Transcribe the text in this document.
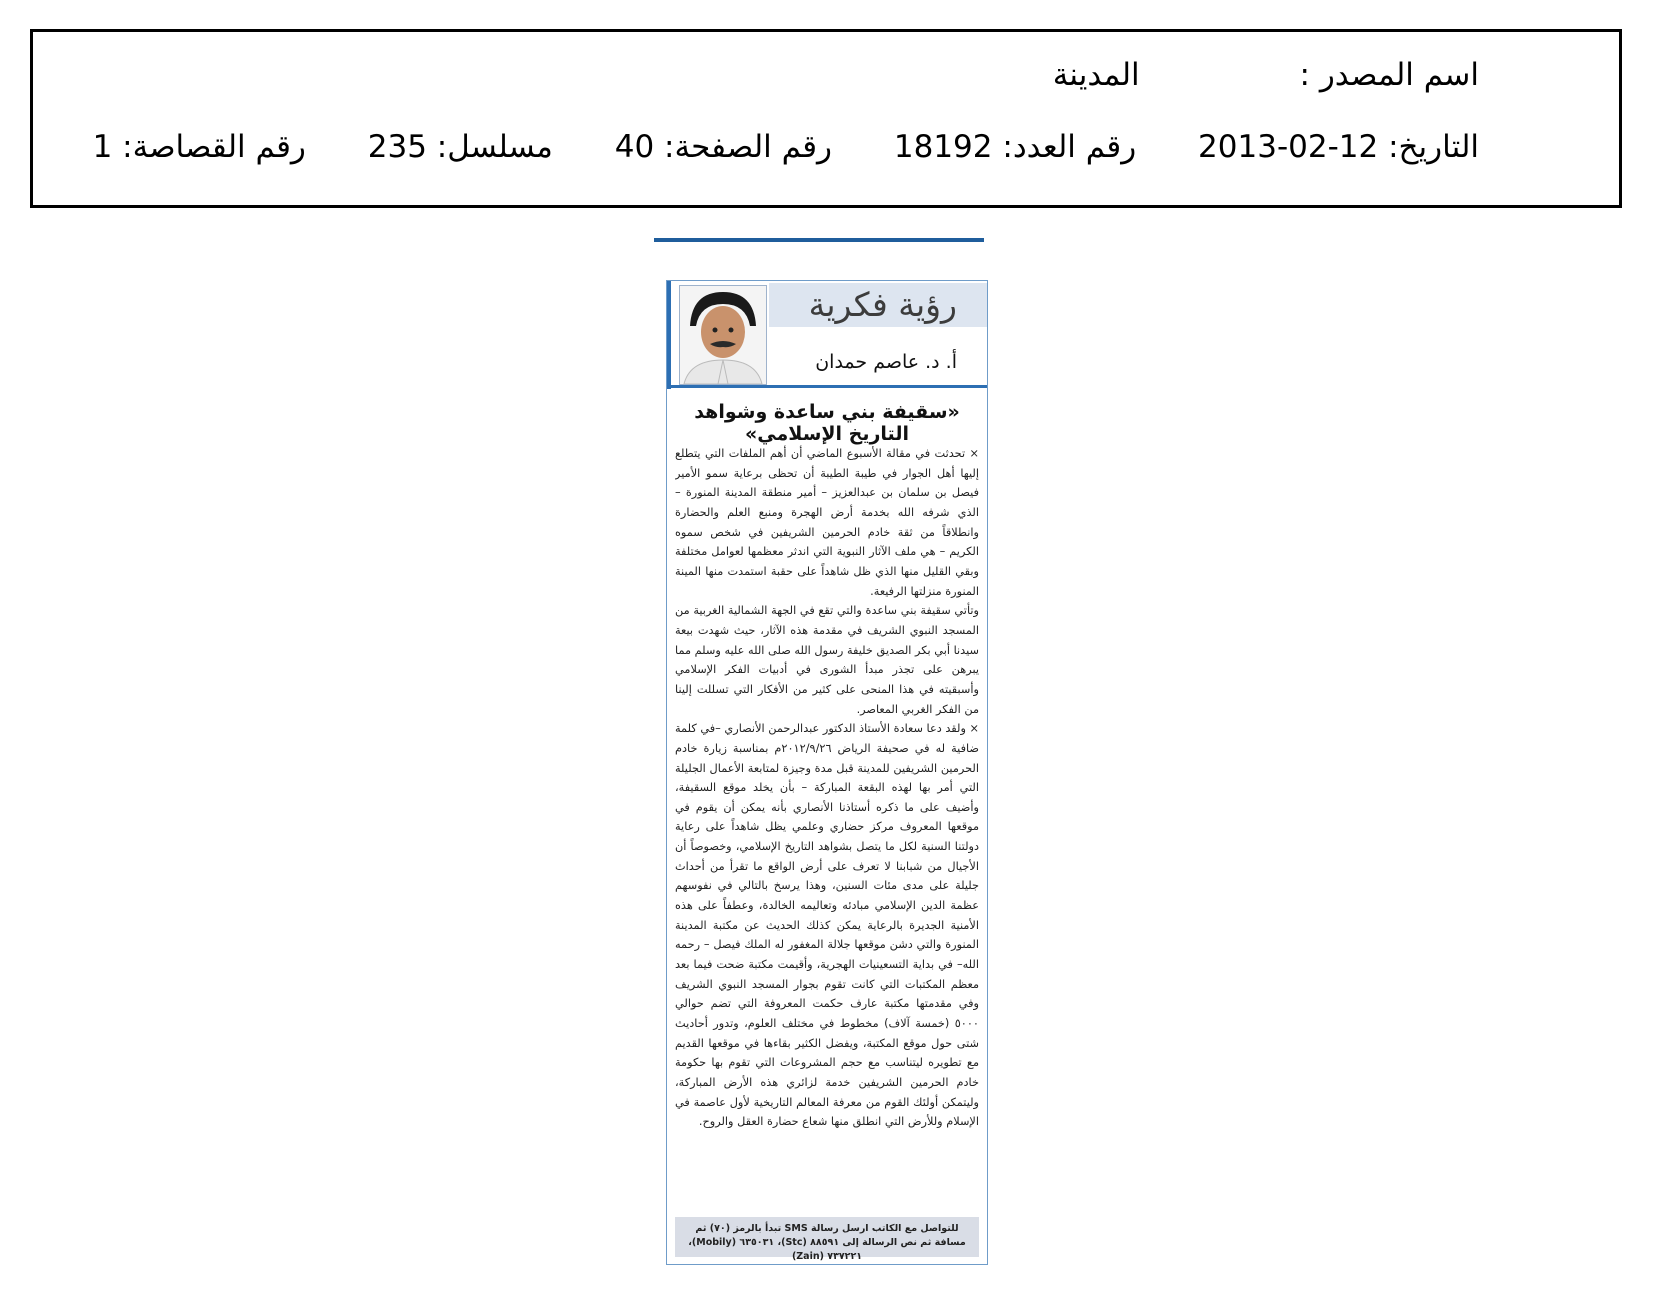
اسم المصدر : المدينة
التاريخ: 12-02-2013 رقم العدد: 18192 رقم الصفحة: 40 مسلسل: 235 رقم القصاصة: 1
رؤية فكرية
أ. د. عاصم حمدان
«سقيفة بني ساعدة وشواهد التاريخ الإسلامي»

× تحدثت في مقالة الأسبوع الماضي أن أهم الملفات التي يتطلع إليها أهل الجوار في طيبة الطيبة أن تحظى برعاية سمو الأمير فيصل بن سلمان بن عبدالعزيز – أمير منطقة المدينة المنورة – الذي شرفه الله بخدمة أرض الهجرة ومنبع العلم والحضارة وانطلاقاً من ثقة خادم الحرمين الشريفين في شخص سموه الكريم – هي ملف الآثار النبوية التي اندثر معظمها لعوامل مختلفة وبقي القليل منها الذي ظل شاهداً على حقبة استمدت منها المينة المنورة منزلتها الرفيعة.

وتأتي سقيفة بني ساعدة والتي تقع في الجهة الشمالية الغربية من المسجد النبوي الشريف في مقدمة هذه الآثار، حيث شهدت بيعة سيدنا أبي بكر الصديق خليفة رسول الله صلى الله عليه وسلم مما يبرهن على تجذر مبدأ الشورى في أدبيات الفكر الإسلامي وأسبقيته في هذا المنحى على كثير من الأفكار التي تسللت إلينا من الفكر الغربي المعاصر.

× ولقد دعا سعادة الأستاذ الدكتور عبدالرحمن الأنصاري –في كلمة ضافية له في صحيفة الرياض ٢٠١٢/٩/٢٦م بمناسبة زيارة خادم الحرمين الشريفين للمدينة قبل مدة وجيزة لمتابعة الأعمال الجليلة التي أمر بها لهذه البقعة المباركة – بأن يخلد موقع السقيفة، وأضيف على ما ذكره أستاذنا الأنصاري بأنه يمكن أن يقوم في موقعها المعروف مركز حضاري وعلمي يظل شاهداً على رعاية دولتنا السنية لكل ما يتصل بشواهد التاريخ الإسلامي، وخصوصاً أن الأجيال من شبابنا لا تعرف على أرض الواقع ما تقرأ من أحداث جليلة على مدى مئات السنين، وهذا يرسخ بالتالي في نفوسهم عظمة الدين الإسلامي مبادئه وتعاليمه الخالدة، وعطفاً على هذه الأمنية الجديرة بالرعاية يمكن كذلك الحديث عن مكتبة المدينة المنورة والتي دشن موقعها جلالة المغفور له الملك فيصل – رحمه الله– في بداية التسعينيات الهجرية، وأقيمت مكتبة ضحت فيما بعد معظم المكتبات التي كانت تقوم بجوار المسجد النبوي الشريف وفي مقدمتها مكتبة عارف حكمت المعروفة التي تضم حوالي ٥٠٠٠ (خمسة آلاف) مخطوط في مختلف العلوم، وتدور أحاديث شتى حول موقع المكتبة، ويفضل الكثير بقاءها في موقعها القديم مع تطويره ليتناسب مع حجم المشروعات التي تقوم بها حكومة خادم الحرمين الشريفين خدمة لزائري هذه الأرض المباركة، وليتمكن أولئك القوم من معرفة المعالم التاريخية لأول عاصمة في الإسلام وللأرض التي انطلق منها شعاع حضارة العقل والروح.

للتواصل مع الكاتب ارسل رسالة SMS تبدأ بالرمز (٧٠) ثم مسافة ثم نص الرسالة إلى ٨٨٥٩١ (Stc)، ٦٣٥٠٣١ (Mobily)، ٧٣٧٢٢١ (Zain)
